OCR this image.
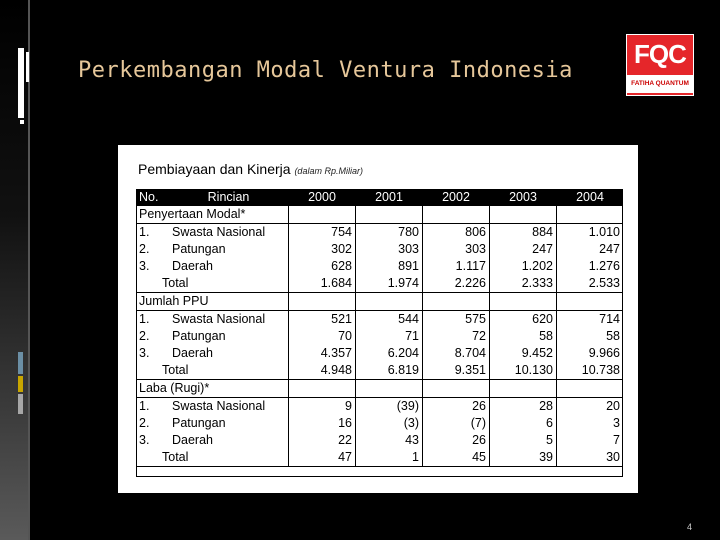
Perkembangan Modal Ventura Indonesia
FQC
FATIHA QUANTUM
Pembiayaan dan Kinerja (dalam Rp.Miliar)
No.	Rincian	2000	2001	2002	2003	2004
Penyertaan Modal*						
1.	Swasta Nasional	754	780	806	884	1.010
2.	Patungan	302	303	303	247	247
3.	Daerah	628	891	1.117	1.202	1.276
Total		1.684	1.974	2.226	2.333	2.533
Jumlah PPU						
1.	Swasta Nasional	521	544	575	620	714
2.	Patungan	70	71	72	58	58
3.	Daerah	4.357	6.204	8.704	9.452	9.966
Total		4.948	6.819	9.351	10.130	10.738
Laba (Rugi)*						
1.	Swasta Nasional	9	(39)	26	28	20
2.	Patungan	16	(3)	(7)	6	3
3.	Daerah	22	43	26	5	7
Total		47	1	45	39	30
4
